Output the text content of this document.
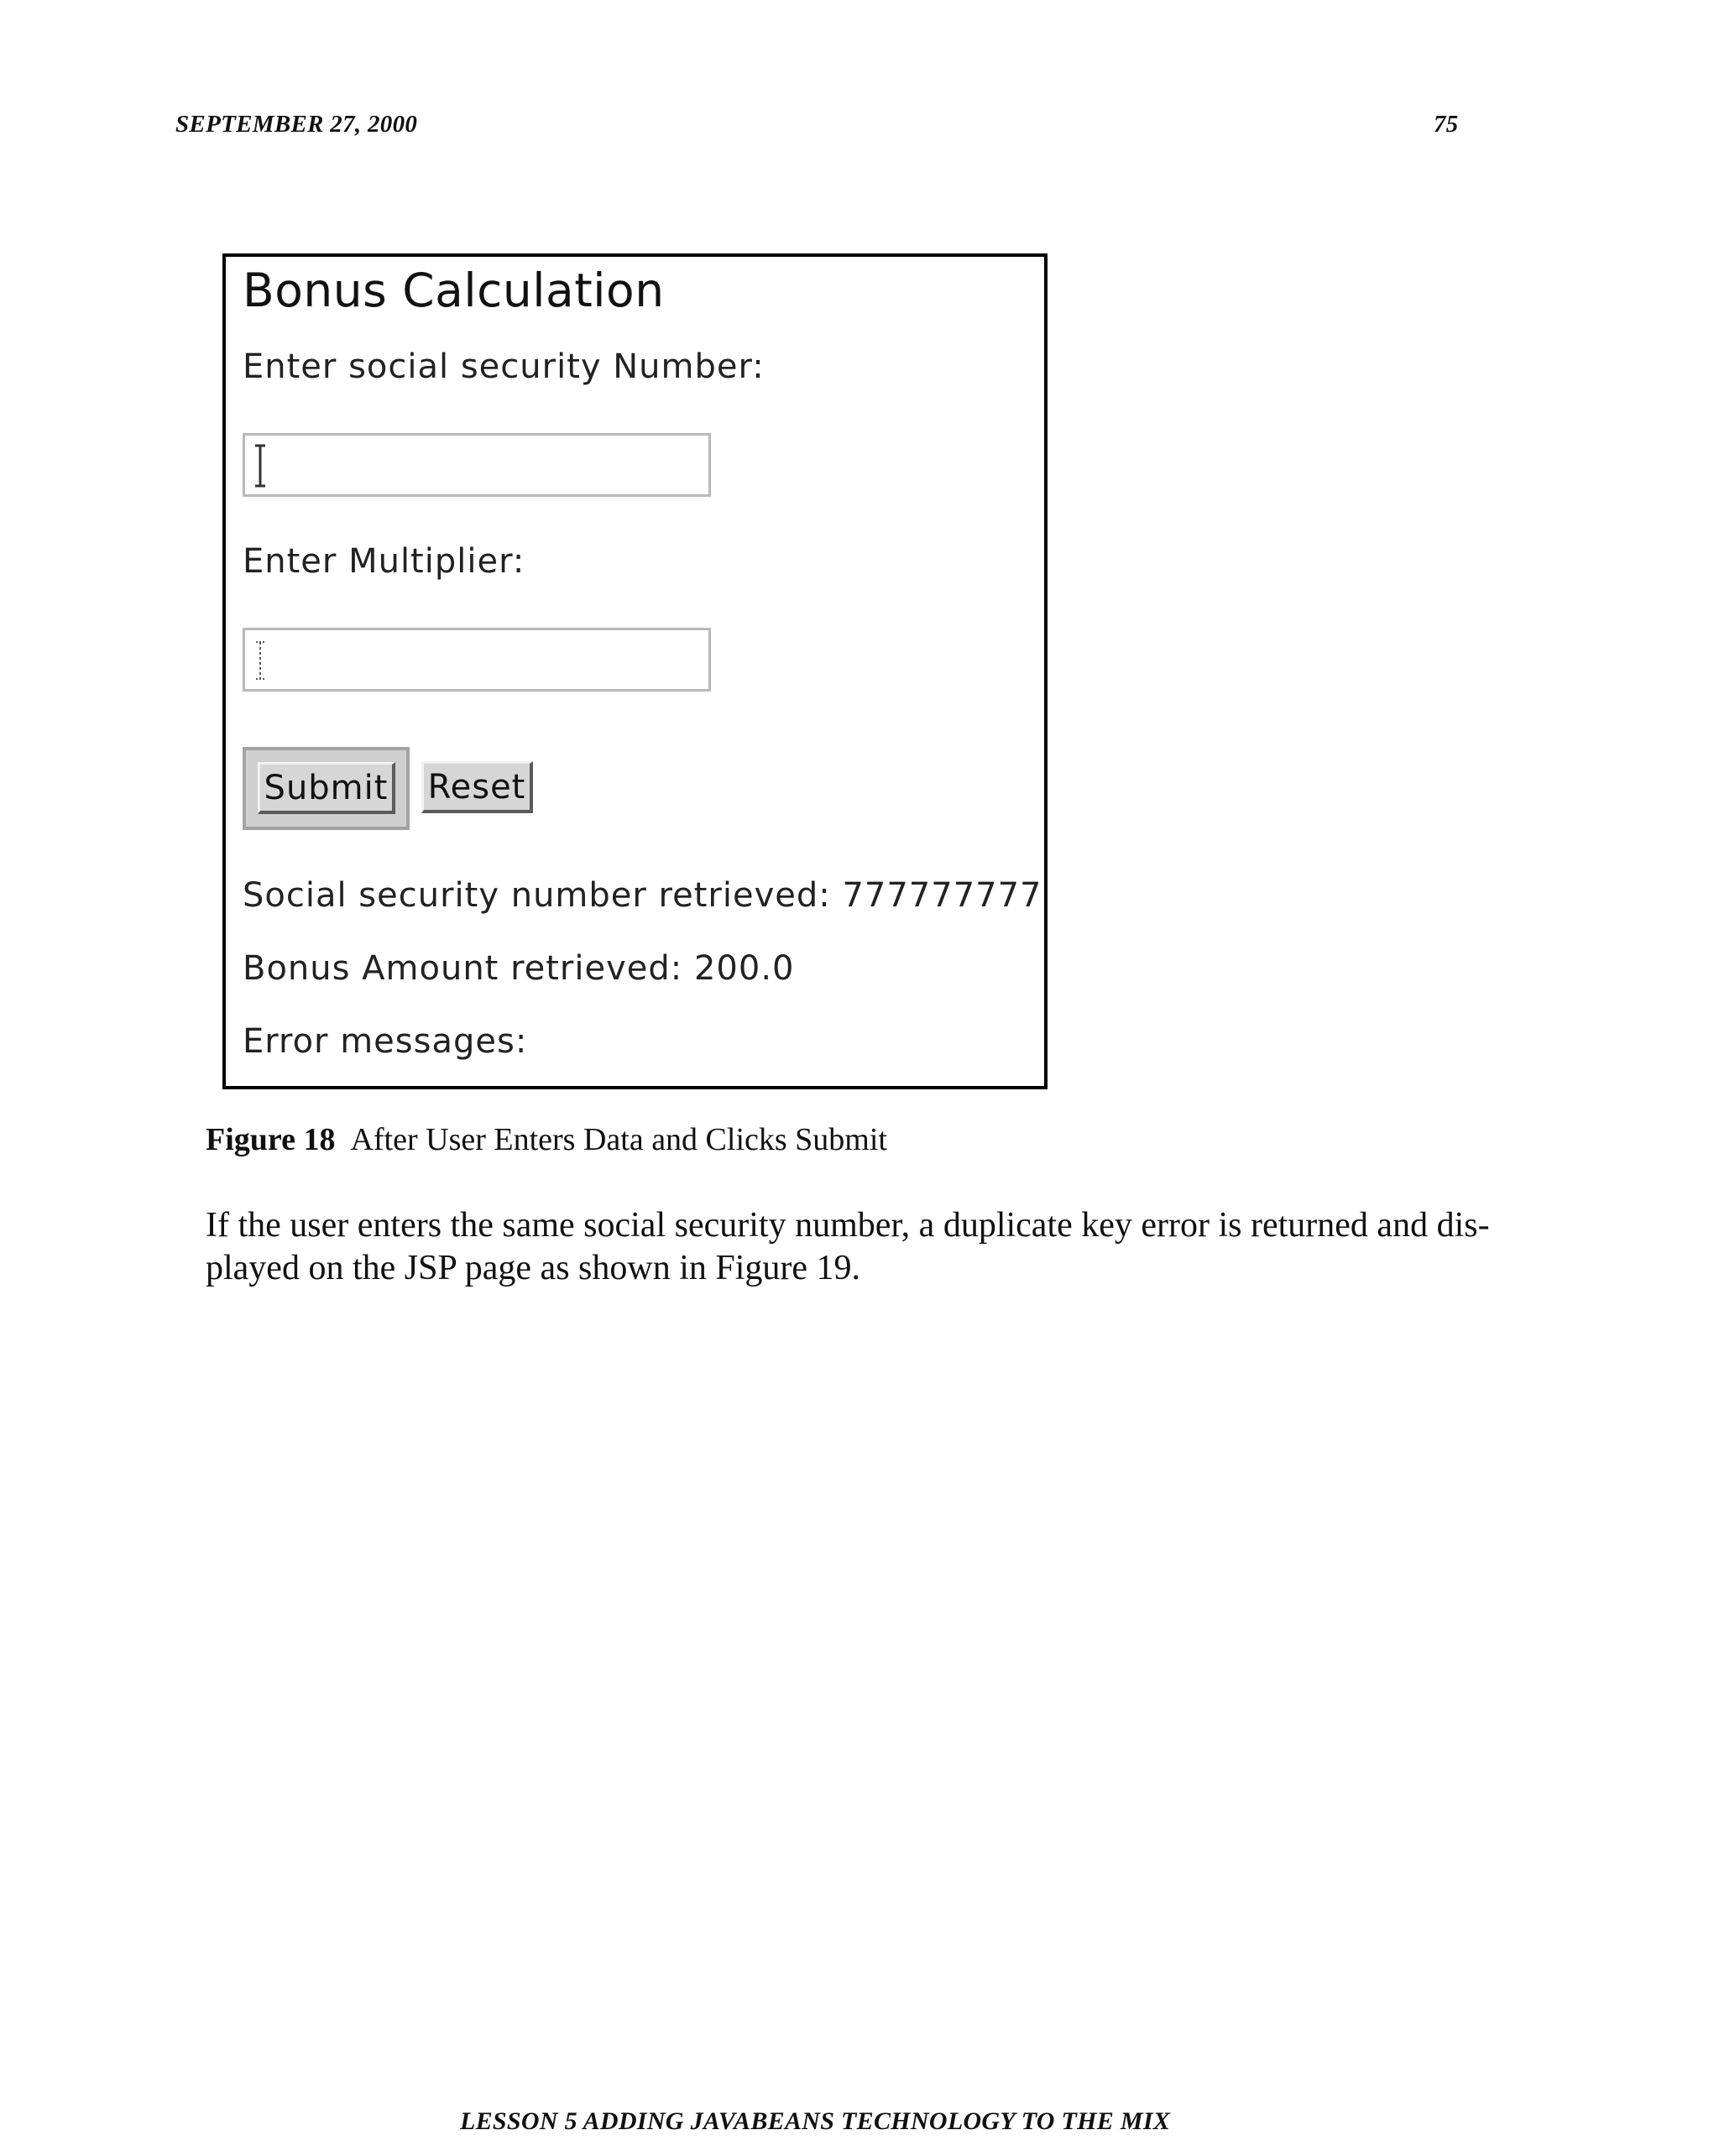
SEPTEMBER 27, 2000	75
Bonus Calculation
Enter social security Number:
Enter Multiplier:
Submit Reset
Social security number retrieved: 777777777
Bonus Amount retrieved: 200.0
Error messages:
Figure 18 After User Enters Data and Clicks Submit
If the user enters the same social security number, a duplicate key error is returned and dis-
played on the JSP page as shown in Figure 19.
LESSON 5 ADDING JAVABEANS TECHNOLOGY TO THE MIX
